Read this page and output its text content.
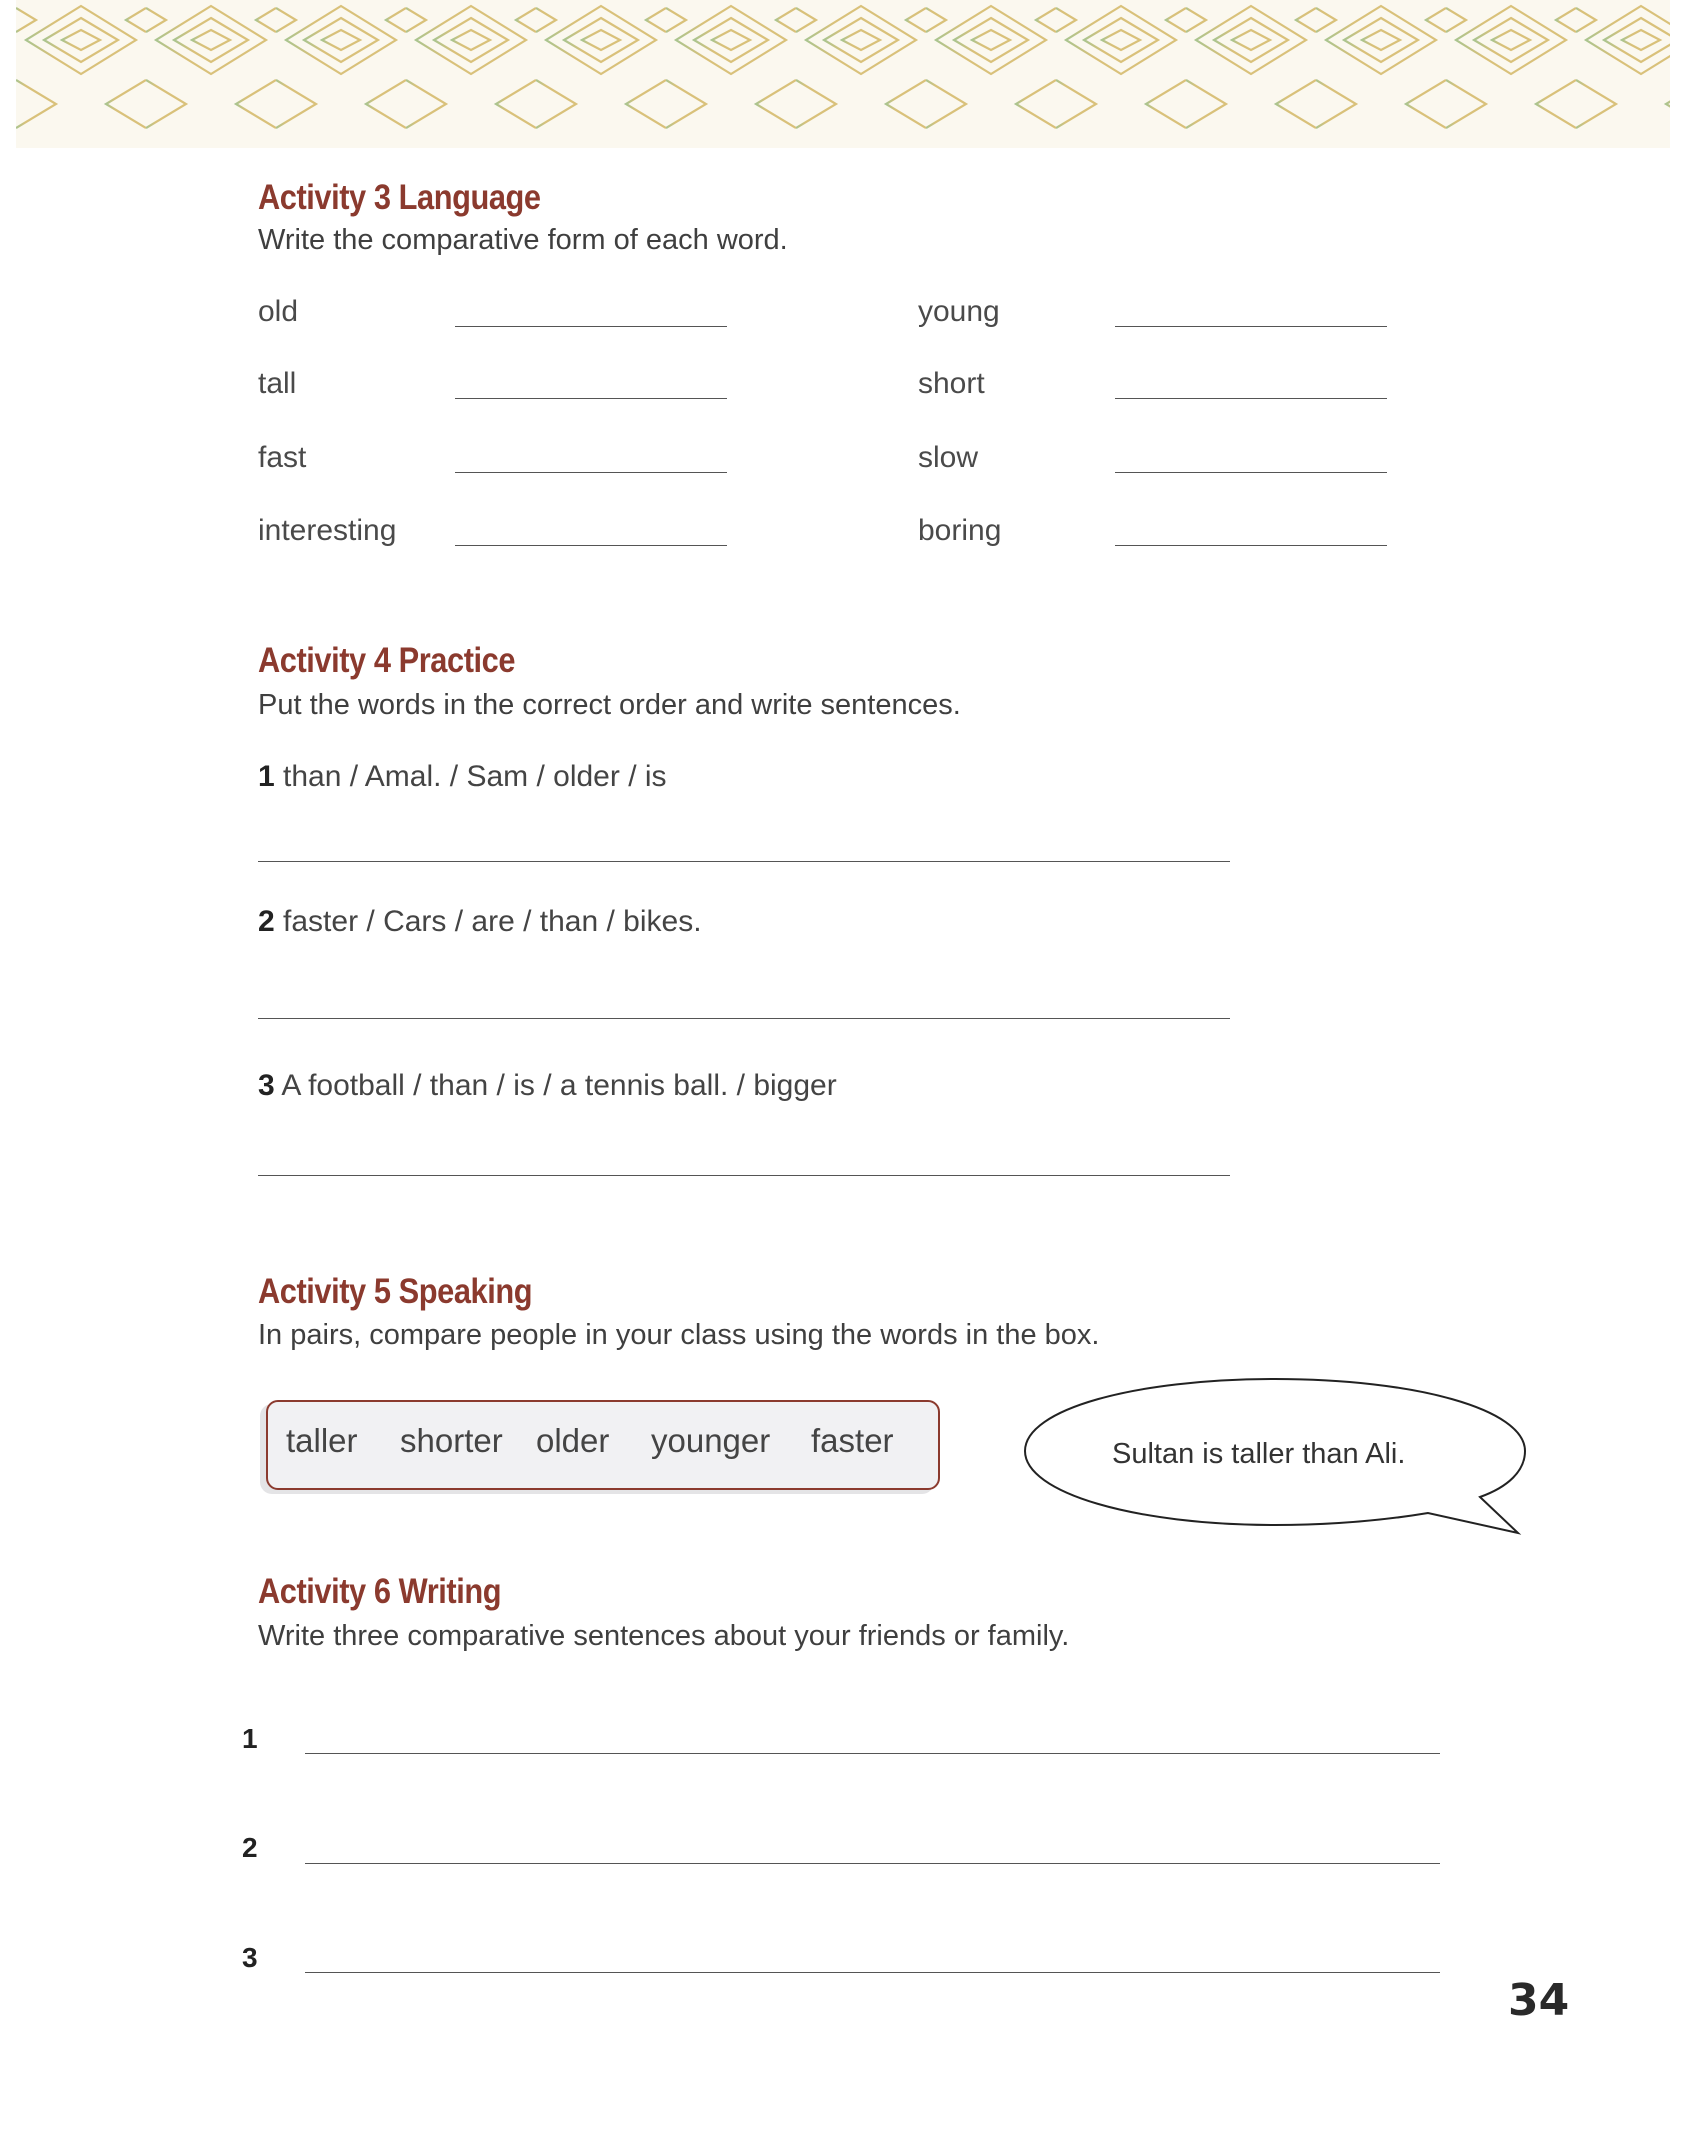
Activity 3 Language
Write the comparative form of each word.
old	young
tall	short
fast	slow
interesting	boring
Activity 4 Practice
Put the words in the correct order and write sentences.
1 than / Amal. / Sam / older / is
2 faster / Cars / are / than / bikes.
3 A football / than / is / a tennis ball. / bigger
Activity 5 Speaking
In pairs, compare people in your class using the words in the box.
taller shorter older younger faster	Sultan is taller than Ali.
Activity 6 Writing
Write three comparative sentences about your friends or family.
1
2
3
34
